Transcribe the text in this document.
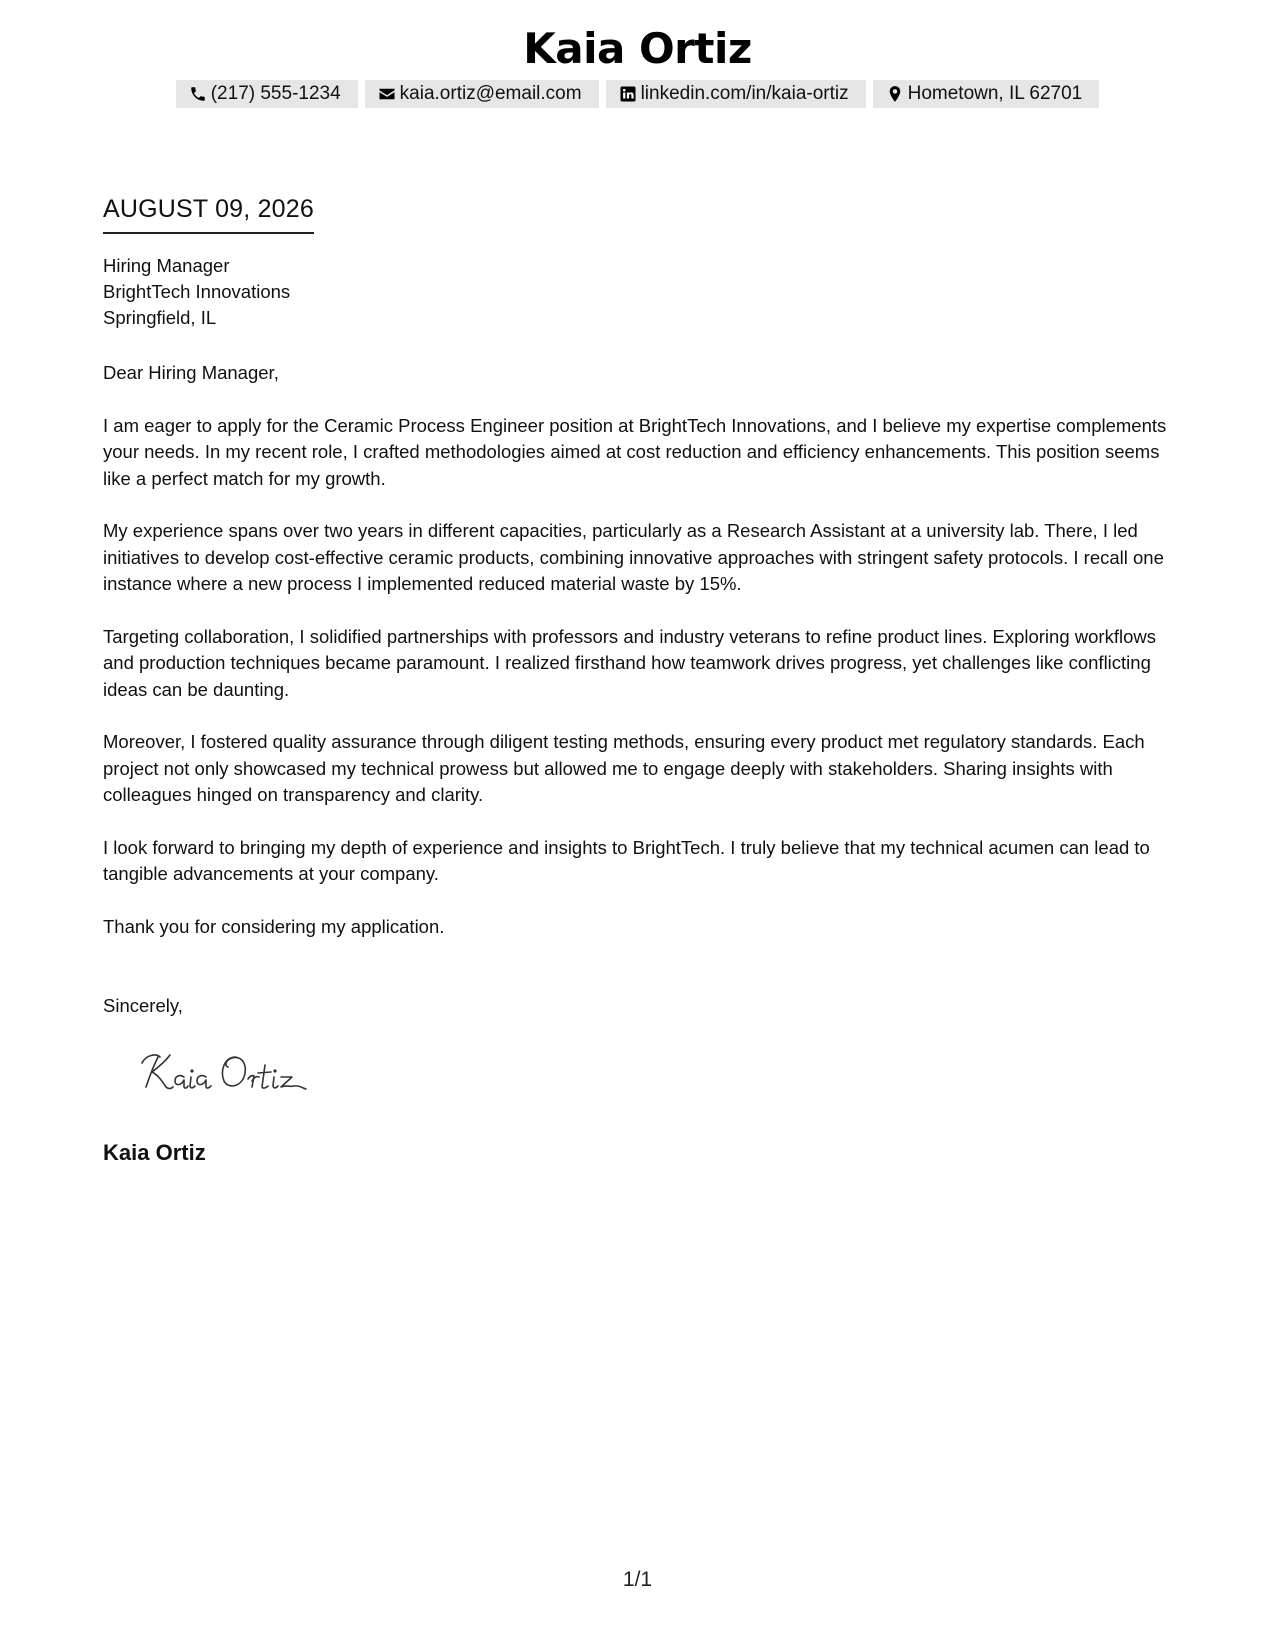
Kaia Ortiz
(217) 555-1234	kaia.ortiz@email.com	linkedin.com/in/kaia-ortiz	Hometown, IL 62701
AUGUST 09, 2026
Hiring Manager
BrightTech Innovations
Springfield, IL

Dear Hiring Manager,

I am eager to apply for the Ceramic Process Engineer position at BrightTech Innovations, and I believe my expertise complements your needs. In my recent role, I crafted methodologies aimed at cost reduction and efficiency enhancements. This position seems like a perfect match for my growth.

My experience spans over two years in different capacities, particularly as a Research Assistant at a university lab. There, I led initiatives to develop cost-effective ceramic products, combining innovative approaches with stringent safety protocols. I recall one instance where a new process I implemented reduced material waste by 15%.

Targeting collaboration, I solidified partnerships with professors and industry veterans to refine product lines. Exploring workflows and production techniques became paramount. I realized firsthand how teamwork drives progress, yet challenges like conflicting ideas can be daunting.

Moreover, I fostered quality assurance through diligent testing methods, ensuring every product met regulatory standards. Each project not only showcased my technical prowess but allowed me to engage deeply with stakeholders. Sharing insights with colleagues hinged on transparency and clarity.

I look forward to bringing my depth of experience and insights to BrightTech. I truly believe that my technical acumen can lead to tangible advancements at your company.

Thank you for considering my application.

Sincerely,
Kaia Ortiz
1/1
